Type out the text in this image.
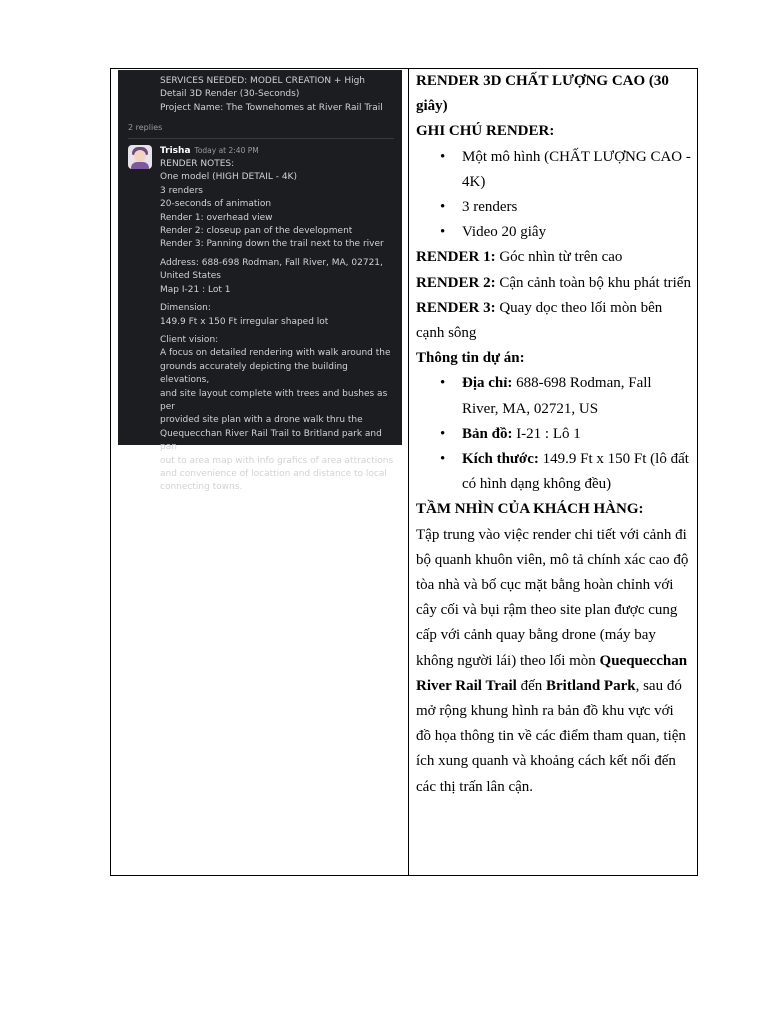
SERVICES NEEDED: MODEL CREATION + High
Detail 3D Render (30-Seconds)
Project Name: The Townehomes at River Rail Trail
2 replies
Trisha Today at 2:40 PM
RENDER NOTES:
One model (HIGH DETAIL - 4K)
3 renders
20-seconds of animation
Render 1: overhead view
Render 2: closeup pan of the development
Render 3: Panning down the trail next to the river
Address: 688-698 Rodman, Fall River, MA, 02721,
United States
Map I-21 : Lot 1
Dimension:
149.9 Ft x 150 Ft irregular shaped lot
Client vision:
A focus on detailed rendering with walk around the
grounds accurately depicting the building elevations,
and site layout complete with trees and bushes as per
provided site plan with a drone walk thru the
Quequecchan River Rail Trail to Britland park and pan
out to area map with info grafics of area attractions
and convenience of locattion and distance to local
connecting towns.

RENDER 3D CHẤT LƯỢNG CAO (30 giây)

GHI CHÚ RENDER:

• Một mô hình (CHẤT LƯỢNG CAO - 4K)
• 3 renders
• Video 20 giây

RENDER 1: Góc nhìn từ trên cao

RENDER 2: Cận cảnh toàn bộ khu phát triển

RENDER 3: Quay dọc theo lối mòn bên cạnh sông

Thông tin dự án:

• Địa chỉ: 688-698 Rodman, Fall River, MA, 02721, US
• Bản đồ: I-21 : Lô 1
• Kích thước: 149.9 Ft x 150 Ft (lô đất có hình dạng không đều)

TẦM NHÌN CỦA KHÁCH HÀNG:

Tập trung vào việc render chi tiết với cảnh đi bộ quanh khuôn viên, mô tả chính xác cao độ tòa nhà và bố cục mặt bằng hoàn chỉnh với cây cối và bụi rậm theo site plan được cung cấp với cảnh quay bằng drone (máy bay không người lái) theo lối mòn Quequecchan River Rail Trail đến Britland Park, sau đó mở rộng khung hình ra bản đồ khu vực với đồ họa thông tin về các điểm tham quan, tiện ích xung quanh và khoảng cách kết nối đến các thị trấn lân cận.
